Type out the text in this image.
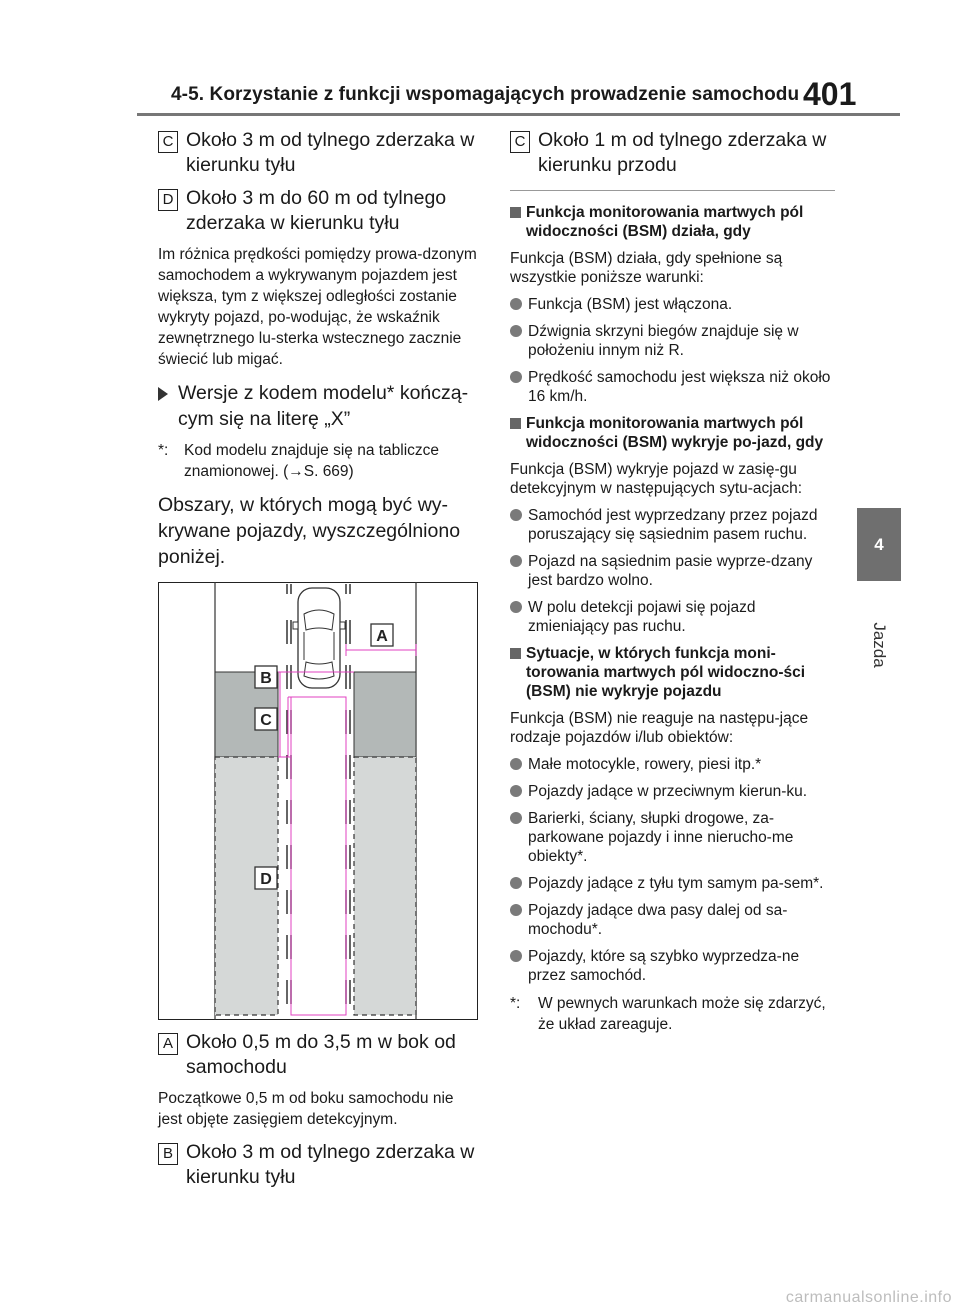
4-5. Korzystanie z funkcji wspomagających prowadzenie samochodu 401
4
Jazda
C Około 3 m od tylnego zderzaka w kierunku tyłu
D Około 3 m do 60 m od tylnego zderzaka w kierunku tyłu
Im różnica prędkości pomiędzy prowa-dzonym samochodem a wykrywanym pojazdem jest większa, tym z większej odległości zostanie wykryty pojazd, po-wodując, że wskaźnik zewnętrznego lu-sterka wstecznego zacznie świecić lub migać.
Wersje z kodem modelu* kończą-cym się na literę „X”
*:	Kod modelu znajduje się na tabliczce znamionowej. (→S. 669)
Obszary, w których mogą być wy-krywane pojazdy, wyszczególniono poniżej.
A
B
C
D
A Około 0,5 m do 3,5 m w bok od samochodu
Początkowe 0,5 m od boku samochodu nie jest objęte zasięgiem detekcyjnym.
B Około 3 m od tylnego zderzaka w kierunku tyłu
C Około 1 m od tylnego zderzaka w kierunku przodu
Funkcja monitorowania martwych pól widoczności (BSM) działa, gdy
Funkcja (BSM) działa, gdy spełnione są wszystkie poniższe warunki:
Funkcja (BSM) jest włączona.
Dźwignia skrzyni biegów znajduje się w położeniu innym niż R.
Prędkość samochodu jest większa niż około 16 km/h.
Funkcja monitorowania martwych pól widoczności (BSM) wykryje po-jazd, gdy
Funkcja (BSM) wykryje pojazd w zasię-gu detekcyjnym w następujących sytu-acjach:
Samochód jest wyprzedzany przez pojazd poruszający się sąsiednim pasem ruchu.
Pojazd na sąsiednim pasie wyprze-dzany jest bardzo wolno.
W polu detekcji pojawi się pojazd zmieniający pas ruchu.
Sytuacje, w których funkcja moni-torowania martwych pól widoczno-ści (BSM) nie wykryje pojazdu
Funkcja (BSM) nie reaguje na następu-jące rodzaje pojazdów i/lub obiektów:
Małe motocykle, rowery, piesi itp.*
Pojazdy jadące w przeciwnym kierun-ku.
Barierki, ściany, słupki drogowe, za-parkowane pojazdy i inne nierucho-me obiekty*.
Pojazdy jadące z tyłu tym samym pa-sem*.
Pojazdy jadące dwa pasy dalej od sa-mochodu*.
Pojazdy, które są szybko wyprzedza-ne przez samochód.
*: W pewnych warunkach może się zdarzyć, że układ zareaguje.
carmanualsonline.info
